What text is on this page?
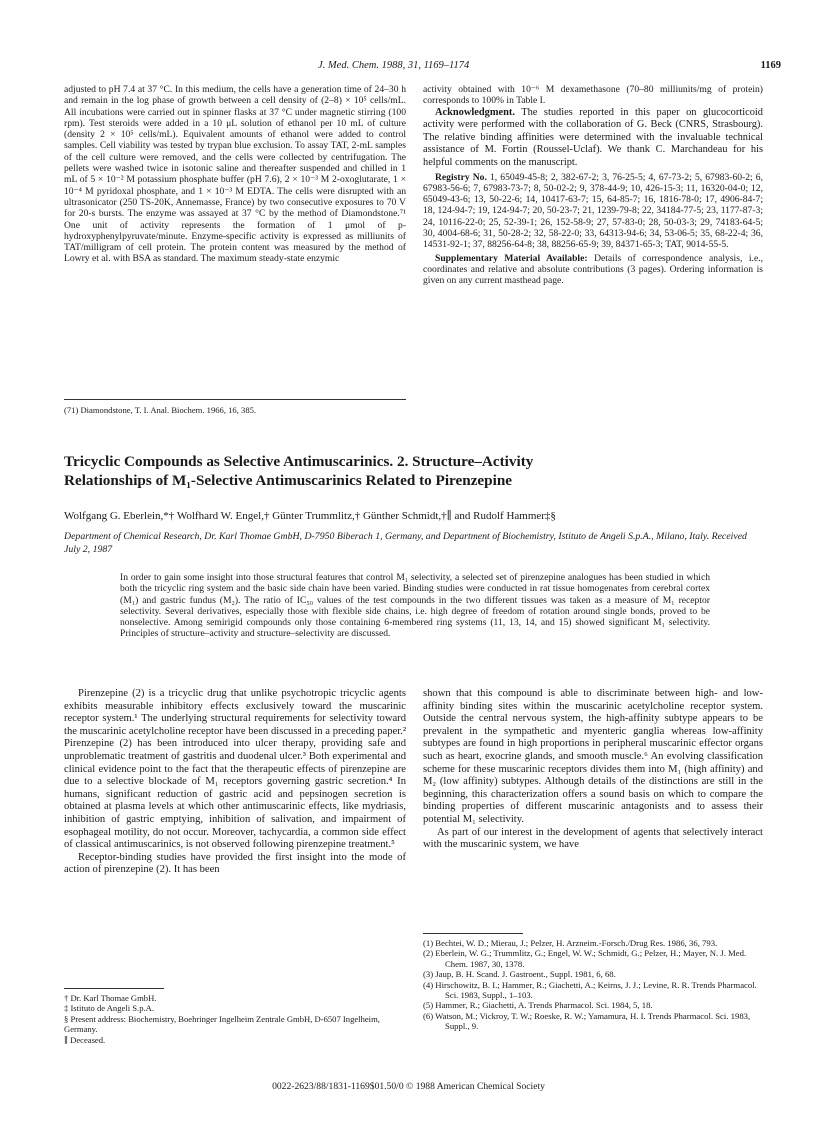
J. Med. Chem. 1988, 31, 1169–1174	1169

adjusted to pH 7.4 at 37 °C. In this medium, the cells have a generation time of 24–30 h and remain in the log phase of growth between a cell density of (2–8) × 10⁵ cells/mL. All incubations were carried out in spinner flasks at 37 °C under magnetic stirring (100 rpm). Test steroids were added in a 10 μL solution of ethanol per 10 mL of culture (density 2 × 10⁵ cells/mL). Equivalent amounts of ethanol were added to control samples. Cell viability was tested by trypan blue exclusion. To assay TAT, 2-mL samples of the cell culture were removed, and the cells were collected by centrifugation. The pellets were washed twice in isotonic saline and thereafter suspended and chilled in 1 mL of 5 × 10⁻² M potassium phosphate buffer (pH 7.6), 2 × 10⁻³ M 2-oxoglutarate, 1 × 10⁻⁴ M pyridoxal phosphate, and 1 × 10⁻³ M EDTA. The cells were disrupted with an ultrasonicator (250 TS-20K, Annemasse, France) by two consecutive exposures to 70 V for 20-s bursts. The enzyme was assayed at 37 °C by the method of Diamondstone.⁷¹ One unit of activity represents the formation of 1 μmol of p-hydroxyphenylpyruvate/minute. Enzyme-specific activity is expressed as milliunits of TAT/milligram of cell protein. The protein content was measured by the method of Lowry et al. with BSA as standard. The maximum steady-state enzymic

(71) Diamondstone, T. I. Anal. Biochem. 1966, 16, 385.

activity obtained with 10⁻⁶ M dexamethasone (70–80 milliunits/mg of protein) corresponds to 100% in Table I.

Acknowledgment. The studies reported in this paper on glucocorticoid activity were performed with the collaboration of G. Beck (CNRS, Strasbourg). The relative binding affinities were determined with the invaluable technical assistance of M. Fortin (Roussel-Uclaf). We thank C. Marchandeau for his helpful comments on the manuscript.

Registry No. 1, 65049-45-8; 2, 382-67-2; 3, 76-25-5; 4, 67-73-2; 5, 67983-60-2; 6, 67983-56-6; 7, 67983-73-7; 8, 50-02-2; 9, 378-44-9; 10, 426-15-3; 11, 16320-04-0; 12, 65049-43-6; 13, 50-22-6; 14, 10417-63-7; 15, 64-85-7; 16, 1816-78-0; 17, 4906-84-7; 18, 124-94-7; 19, 124-94-7; 20, 50-23-7; 21, 1239-79-8; 22, 34184-77-5; 23, 1177-87-3; 24, 10116-22-0; 25, 52-39-1; 26, 152-58-9; 27, 57-83-0; 28, 50-03-3; 29, 74183-64-5; 30, 4004-68-6; 31, 50-28-2; 32, 58-22-0; 33, 64313-94-6; 34, 53-06-5; 35, 68-22-4; 36, 14531-92-1; 37, 88256-64-8; 38, 88256-65-9; 39, 84371-65-3; TAT, 9014-55-5.

Supplementary Material Available: Details of correspondence analysis, i.e., coordinates and relative and absolute contributions (3 pages). Ordering information is given on any current masthead page.

Tricyclic Compounds as Selective Antimuscarinics. 2. Structure–Activity
Relationships of M₁-Selective Antimuscarinics Related to Pirenzepine
Wolfgang G. Eberlein,*† Wolfhard W. Engel,† Günter Trummlitz,† Günther Schmidt,†∥ and Rudolf Hammer‡§
Department of Chemical Research, Dr. Karl Thomae GmbH, D-7950 Biberach 1, Germany, and Department of Biochemistry, Istituto de Angeli S.p.A., Milano, Italy. Received July 2, 1987
In order to gain some insight into those structural features that control M₁ selectivity, a selected set of pirenzepine analogues has been studied in which both the tricyclic ring system and the basic side chain have been varied. Binding studies were conducted in rat tissue homogenates from cerebral cortex (M₁) and gastric fundus (M₂). The ratio of IC₅₀ values of the test compounds in the two different tissues was taken as a measure of M₁ receptor selectivity. Several derivatives, especially those with flexible side chains, i.e. high degree of freedom of rotation around single bonds, proved to be nonselective. Among semirigid compounds only those containing 6-membered ring systems (11, 13, 14, and 15) showed significant M₁ selectivity. Principles of structure–activity and structure–selectivity are discussed.

Pirenzepine (2) is a tricyclic drug that unlike psychotropic tricyclic agents exhibits measurable inhibitory effects exclusively toward the muscarinic receptor system.¹ The underlying structural requirements for selectivity toward the muscarinic acetylcholine receptor have been discussed in a preceding paper.² Pirenzepine (2) has been introduced into ulcer therapy, providing safe and unproblematic treatment of gastritis and duodenal ulcer.³ Both experimental and clinical evidence point to the fact that the therapeutic effects of pirenzepine are due to a selective blockade of M₁ receptors governing gastric secretion.⁴ In humans, significant reduction of gastric acid and pepsinogen secretion is obtained at plasma levels at which other antimuscarinic effects, like mydriasis, inhibition of gastric emptying, inhibition of salivation, and impairment of esophageal motility, do not occur. Moreover, tachycardia, a common side effect of classical antimuscarinics, is not observed following pirenzepine treatment.⁵

Receptor-binding studies have provided the first insight into the mode of action of pirenzepine (2). It has been

† Dr. Karl Thomae GmbH.
‡ Istituto de Angeli S.p.A.
§ Present address: Biochemistry, Boehringer Ingelheim Zentrale GmbH, D-6507 Ingelheim, Germany.
∥ Deceased.

shown that this compound is able to discriminate between high- and low-affinity binding sites within the muscarinic acetylcholine receptor system. Outside the central nervous system, the high-affinity subtype appears to be prevalent in the sympathetic and myenteric ganglia whereas low-affinity subtypes are found in high proportions in peripheral muscarinic effector organs such as heart, exocrine glands, and smooth muscle.⁶ An evolving classification scheme for these muscarinic receptors divides them into M₁ (high affinity) and M₂ (low affinity) subtypes. Although details of the distinctions are still in the beginning, this characterization offers a sound basis on which to compare the binding properties of different muscarinic antagonists and to assess their potential M₁ selectivity.

As part of our interest in the development of agents that selectively interact with the muscarinic system, we have

(1) Bechtei, W. D.; Mierau, J.; Pelzer, H. Arzneim.-Forsch./Drug Res. 1986, 36, 793.
(2) Eberlein, W. G.; Trummlitz, G.; Engel, W. W.; Schmidt, G.; Pelzer, H.; Mayer, N. J. Med. Chem. 1987, 30, 1378.
(3) Jaup, B. H. Scand. J. Gastroent., Suppl. 1981, 6, 68.
(4) Hirschowitz, B. I.; Hammer, R.; Giachetti, A.; Keirns, J. J.; Levine, R. R. Trends Pharmacol. Sci. 1983, Suppl., 1–103.
(5) Hammer, R.; Giachetti, A. Trends Pharmacol. Sci. 1984, 5, 18.
(6) Watson, M.; Vickroy, T. W.; Roeske, R. W.; Yamamura, H. I. Trends Pharmacol. Sci. 1983, Suppl., 9.
0022-2623/88/1831-1169$01.50/0 © 1988 American Chemical Society
